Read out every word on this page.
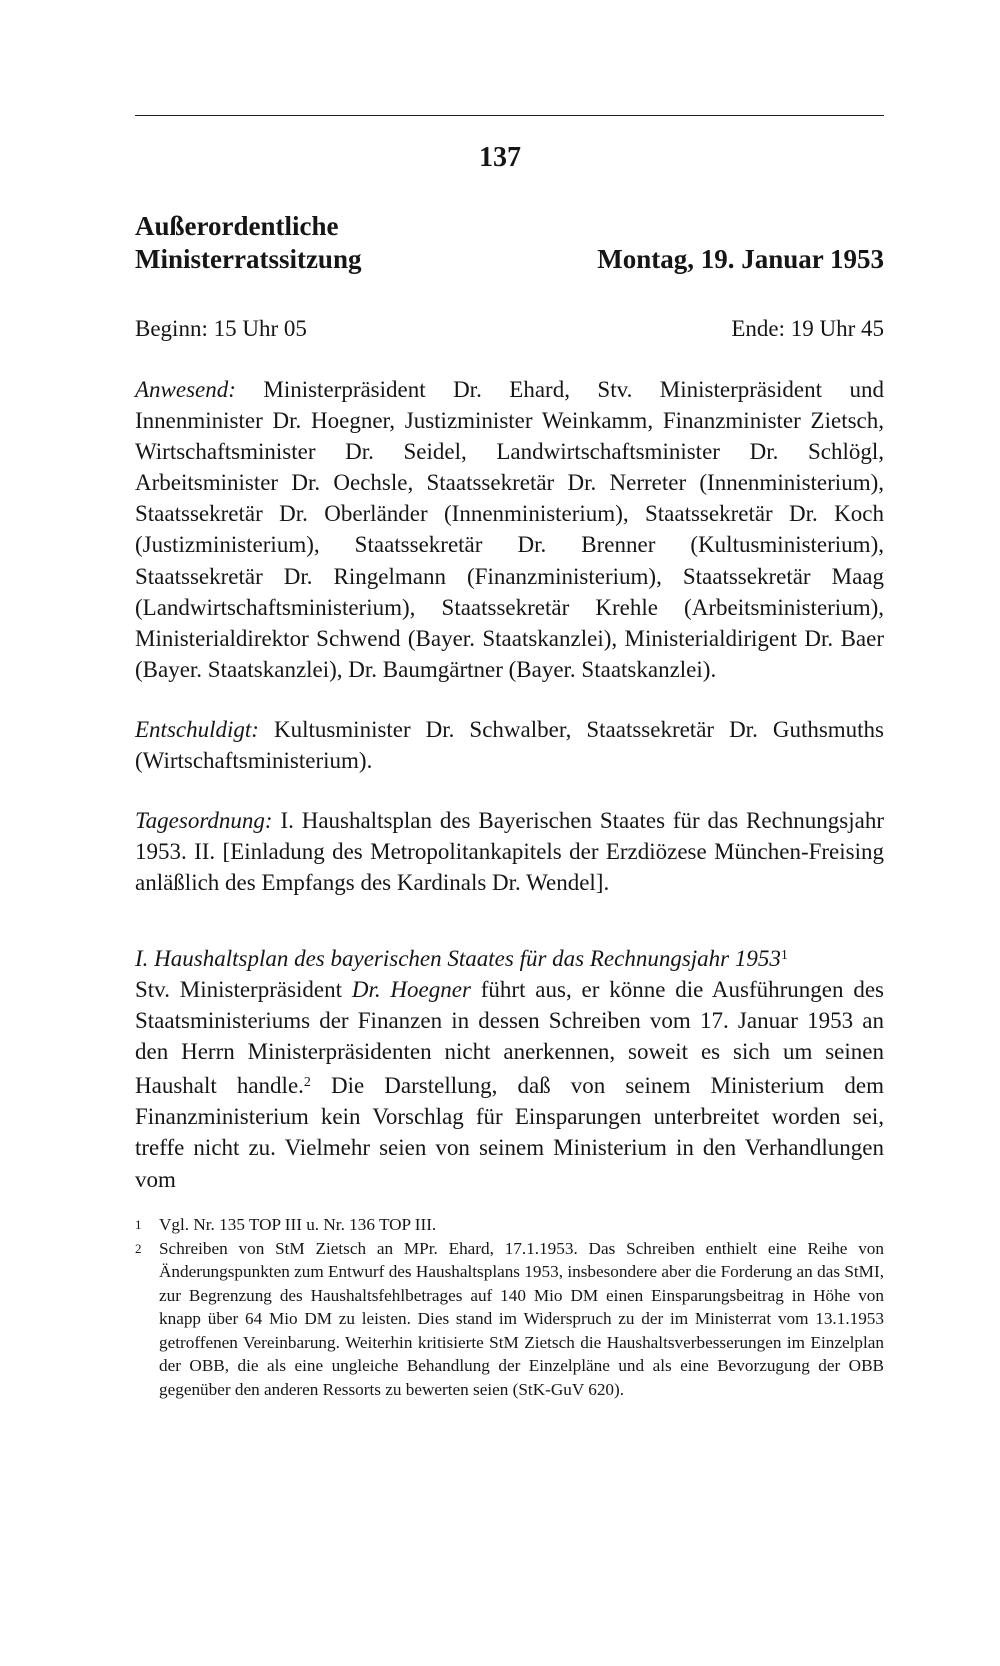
137
Außerordentliche
Ministerratssitzung	Montag, 19. Januar 1953
Beginn: 15 Uhr 05	Ende: 19 Uhr 45
Anwesend: Ministerpräsident Dr. Ehard, Stv. Ministerpräsident und Innenminister Dr. Hoegner, Justizminister Weinkamm, Finanzminister Zietsch, Wirtschaftsminister Dr. Seidel, Landwirtschaftsminister Dr. Schlögl, Arbeitsminister Dr. Oechsle, Staatssekretär Dr. Nerreter (Innenministerium), Staatssekretär Dr. Oberländer (Innenministerium), Staatssekretär Dr. Koch (Justizministerium), Staatssekretär Dr. Brenner (Kultusministerium), Staatssekretär Dr. Ringelmann (Finanzministerium), Staatssekretär Maag (Landwirtschaftsministerium), Staatssekretär Krehle (Arbeitsministerium), Ministerialdirektor Schwend (Bayer. Staatskanzlei), Ministerialdirigent Dr. Baer (Bayer. Staatskanzlei), Dr. Baumgärtner (Bayer. Staatskanzlei).
Entschuldigt: Kultusminister Dr. Schwalber, Staatssekretär Dr. Guthsmuths (Wirtschaftsministerium).
Tagesordnung: I. Haushaltsplan des Bayerischen Staates für das Rechnungsjahr 1953. II. [Einladung des Metropolitankapitels der Erzdiözese München-Freising anläßlich des Empfangs des Kardinals Dr. Wendel].
I. Haushaltsplan des bayerischen Staates für das Rechnungsjahr 1953$^1$
Stv. Ministerpräsident Dr. Hoegner führt aus, er könne die Ausführungen des Staatsministeriums der Finanzen in dessen Schreiben vom 17. Januar 1953 an den Herrn Ministerpräsidenten nicht anerkennen, soweit es sich um seinen Haushalt handle.$^2$ Die Darstellung, daß von seinem Ministerium dem Finanzministerium kein Vorschlag für Einsparungen unterbreitet worden sei, treffe nicht zu. Vielmehr seien von seinem Ministerium in den Verhandlungen vom
1 Vgl. Nr. 135 TOP III u. Nr. 136 TOP III.
2 Schreiben von StM Zietsch an MPr. Ehard, 17.1.1953. Das Schreiben enthielt eine Reihe von Änderungspunkten zum Entwurf des Haushaltsplans 1953, insbesondere aber die Forderung an das StMI, zur Begrenzung des Haushaltsfehlbetrages auf 140 Mio DM einen Einsparungsbeitrag in Höhe von knapp über 64 Mio DM zu leisten. Dies stand im Widerspruch zu der im Ministerrat vom 13.1.1953 getroffenen Vereinbarung. Weiterhin kritisierte StM Zietsch die Haushaltsverbesserungen im Einzelplan der OBB, die als eine ungleiche Behandlung der Einzelpläne und als eine Bevorzugung der OBB gegenüber den anderen Ressorts zu bewerten seien (StK-GuV 620).
